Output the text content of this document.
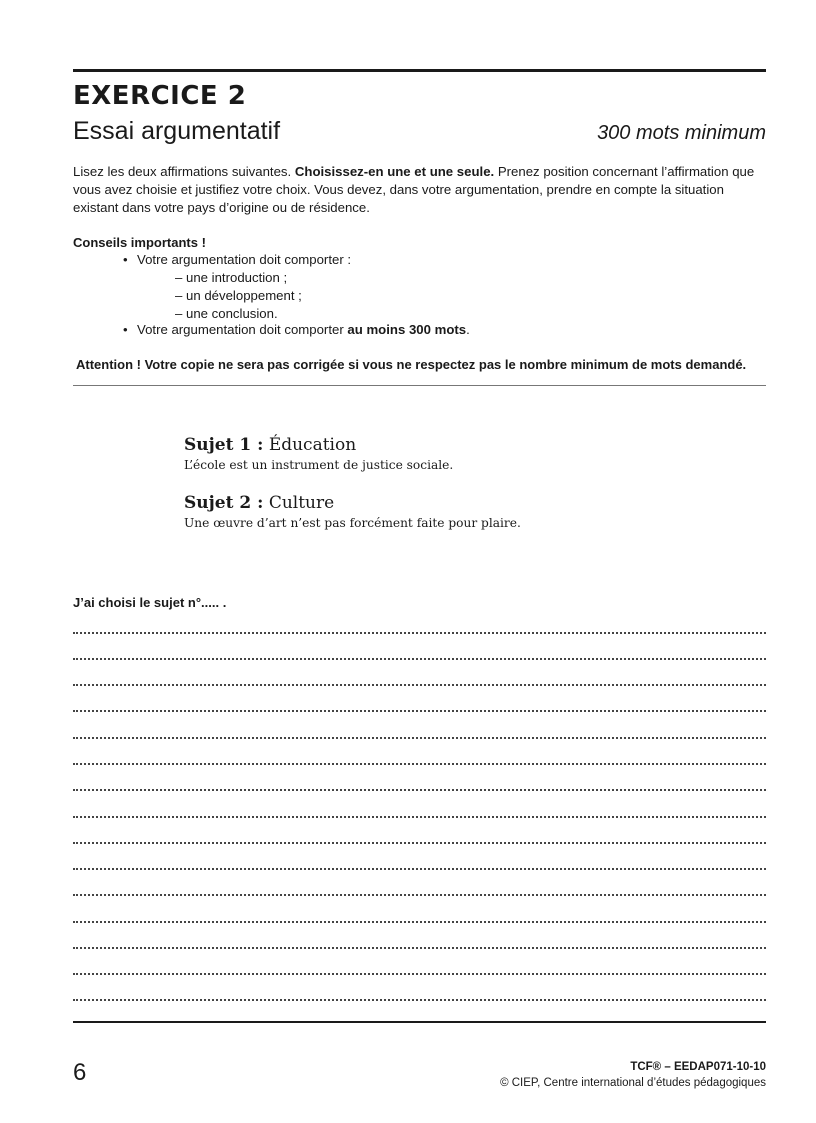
EXERCICE 2
Essai argumentatif	300 mots minimum
Lisez les deux affirmations suivantes. Choisissez-en une et une seule. Prenez position concernant l’affirmation que vous avez choisie et justifiez votre choix. Vous devez, dans votre argumentation, prendre en compte la situation existant dans votre pays d’origine ou de résidence.
Conseils importants !
• Votre argumentation doit comporter :
– une introduction ;
– un développement ;
– une conclusion.
• Votre argumentation doit comporter au moins 300 mots.
Attention ! Votre copie ne sera pas corrigée si vous ne respectez pas le nombre minimum de mots demandé.
Sujet 1 : Éducation
L’école est un instrument de justice sociale.
Sujet 2 : Culture
Une œuvre d’art n’est pas forcément faite pour plaire.
J’ai choisi le sujet n°..... .
6	TCF® – EEDAP071-10-10
© CIEP, Centre international d’études pédagogiques
